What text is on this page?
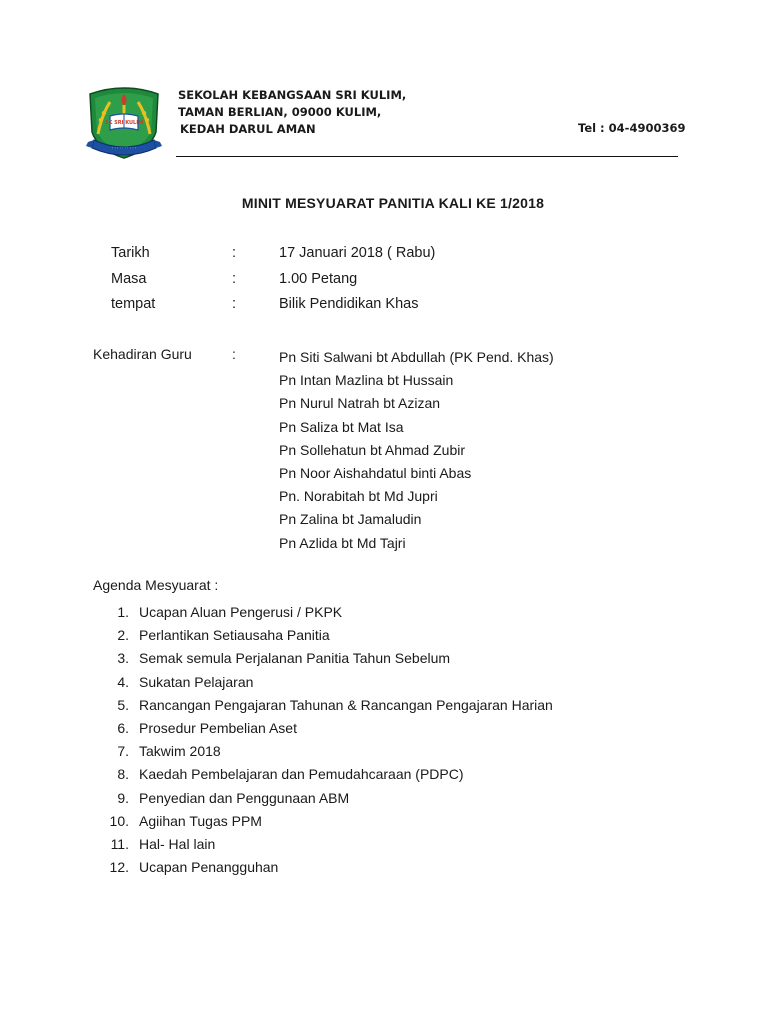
SK SRI KULIM
· · · · · · · · · ·
SEKOLAH KEBANGSAAN SRI KULIM,
TAMAN BERLIAN, 09000 KULIM,
KEDAH DARUL AMAN	Tel : 04-4900369
MINIT MESYUARAT PANITIA KALI KE 1/2018
Tarikh	:	17 Januari 2018 ( Rabu)
Masa	:	1.00 Petang
tempat	:	Bilik Pendidikan Khas
Kehadiran Guru	:	Pn Siti Salwani bt Abdullah (PK Pend. Khas)
Pn Intan Mazlina bt Hussain
Pn Nurul Natrah bt Azizan
Pn Saliza bt Mat Isa
Pn Sollehatun bt Ahmad Zubir
Pn Noor Aishahdatul binti Abas
Pn. Norabitah bt Md Jupri
Pn Zalina bt Jamaludin
Pn Azlida bt Md Tajri
Agenda Mesyuarat :
1. Ucapan Aluan Pengerusi / PKPK
2. Perlantikan Setiausaha Panitia
3. Semak semula Perjalanan Panitia Tahun Sebelum
4. Sukatan Pelajaran
5. Rancangan Pengajaran Tahunan & Rancangan Pengajaran Harian
6. Prosedur Pembelian Aset
7. Takwim 2018
8. Kaedah Pembelajaran dan Pemudahcaraan (PDPC)
9. Penyedian dan Penggunaan ABM
10. Agiihan Tugas PPM
11. Hal- Hal lain
12. Ucapan Penangguhan
